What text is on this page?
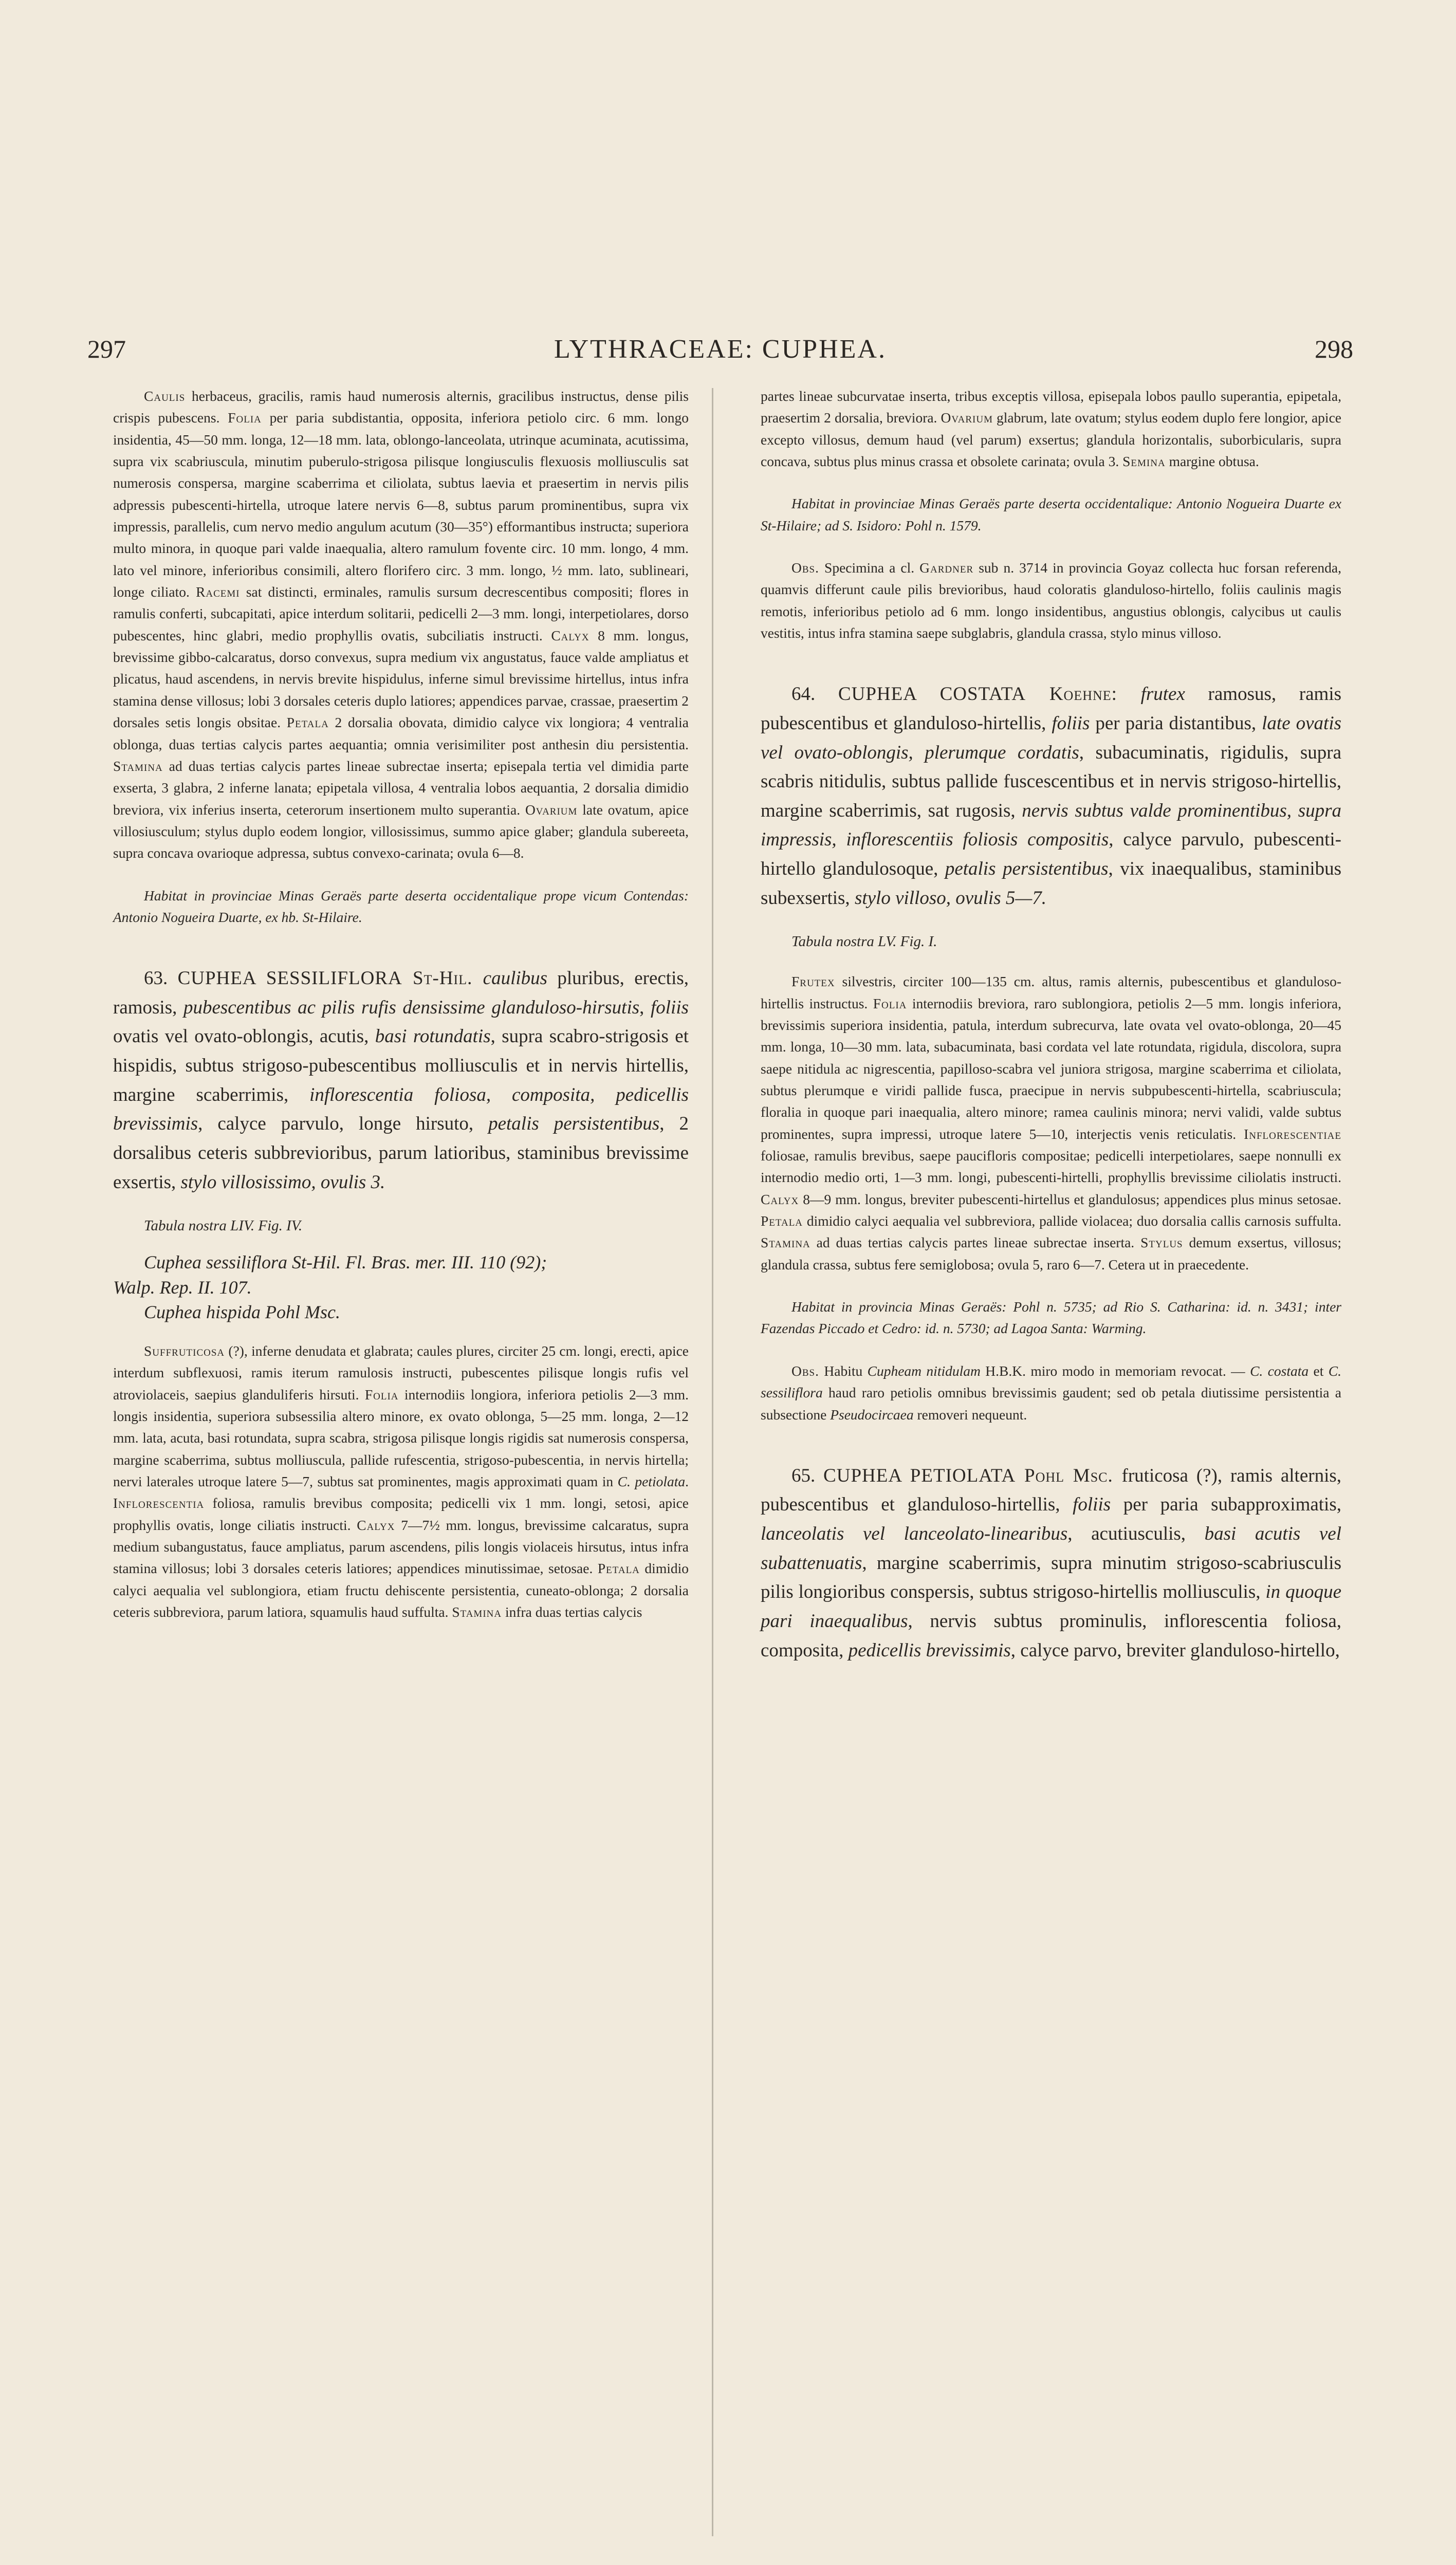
297	LYTHRACEAE: CUPHEA.	298

Caulis herbaceus, gracilis, ramis haud numerosis alternis, gracilibus instructus, dense pilis crispis pubescens. Folia per paria subdistantia, opposita, inferiora petiolo circ. 6 mm. longo insidentia, 45—50 mm. longa, 12—18 mm. lata, oblongo-lanceolata, utrinque acuminata, acutissima, supra vix scabriuscula, minutim puberulo-strigosa pilisque longiusculis flexuosis molliusculis sat numerosis conspersa, margine scaberrima et ciliolata, subtus laevia et praesertim in nervis pilis adpressis pubescenti-hirtella, utroque latere nervis 6—8, subtus parum prominentibus, supra vix impressis, parallelis, cum nervo medio angulum acutum (30—35°) efformantibus instructa; superiora multo minora, in quoque pari valde inaequalia, altero ramulum fovente circ. 10 mm. longo, 4 mm. lato vel minore, inferioribus consimili, altero florifero circ. 3 mm. longo, ½ mm. lato, sublineari, longe ciliato. Racemi sat distincti, erminales, ramulis sursum decrescentibus compositi; flores in ramulis conferti, subcapitati, apice interdum solitarii, pedicelli 2—3 mm. longi, interpetiolares, dorso pubescentes, hinc glabri, medio prophyllis ovatis, subciliatis instructi. Calyx 8 mm. longus, brevissime gibbo-calcaratus, dorso convexus, supra medium vix angustatus, fauce valde ampliatus et plicatus, haud ascendens, in nervis brevite hispidulus, inferne simul brevissime hirtellus, intus infra stamina dense villosus; lobi 3 dorsales ceteris duplo latiores; appendices parvae, crassae, praesertim 2 dorsales setis longis obsitae. Petala 2 dorsalia obovata, dimidio calyce vix longiora; 4 ventralia oblonga, duas tertias calycis partes aequantia; omnia verisimiliter post anthesin diu persistentia. Stamina ad duas tertias calycis partes lineae subrectae inserta; episepala tertia vel dimidia parte exserta, 3 glabra, 2 inferne lanata; epipetala villosa, 4 ventralia lobos aequantia, 2 dorsalia dimidio breviora, vix inferius inserta, ceterorum insertionem multo superantia. Ovarium late ovatum, apice villosiusculum; stylus duplo eodem longior, villosissimus, summo apice glaber; glandula subereeta, supra concava ovarioque adpressa, subtus convexo-carinata; ovula 6—8.

Habitat in provinciae Minas Geraës parte deserta occidentalique prope vicum Contendas: Antonio Nogueira Duarte, ex hb. St-Hilaire.

63. CUPHEA SESSILIFLORA St-Hil. caulibus pluribus, erectis, ramosis, pubescentibus ac pilis rufis densissime glanduloso-hirsutis, foliis ovatis vel ovato-oblongis, acutis, basi rotundatis, supra scabro-strigosis et hispidis, subtus strigoso-pubescentibus molliusculis et in nervis hirtellis, margine scaberrimis, inflorescentia foliosa, composita, pedicellis brevissimis, calyce parvulo, longe hirsuto, petalis persistentibus, 2 dorsalibus ceteris subbrevioribus, parum latioribus, staminibus brevissime exsertis, stylo villosissimo, ovulis 3.

Tabula nostra LIV. Fig. IV.

Cuphea sessiliflora St-Hil. Fl. Bras. mer. III. 110 (92);

Walp. Rep. II. 107.

Cuphea hispida Pohl Msc.

Suffruticosa (?), inferne denudata et glabrata; caules plures, circiter 25 cm. longi, erecti, apice interdum subflexuosi, ramis iterum ramulosis instructi, pubescentes pilisque longis rufis vel atroviolaceis, saepius glanduliferis hirsuti. Folia internodiis longiora, inferiora petiolis 2—3 mm. longis insidentia, superiora subsessilia altero minore, ex ovato oblonga, 5—25 mm. longa, 2—12 mm. lata, acuta, basi rotundata, supra scabra, strigosa pilisque longis rigidis sat numerosis conspersa, margine scaberrima, subtus molliuscula, pallide rufescentia, strigoso-pubescentia, in nervis hirtella; nervi laterales utroque latere 5—7, subtus sat prominentes, magis approximati quam in C. petiolata. Inflorescentia foliosa, ramulis brevibus composita; pedicelli vix 1 mm. longi, setosi, apice prophyllis ovatis, longe ciliatis instructi. Calyx 7—7½ mm. longus, brevissime calcaratus, supra medium subangustatus, fauce ampliatus, parum ascendens, pilis longis violaceis hirsutus, intus infra stamina villosus; lobi 3 dorsales ceteris latiores; appendices minutissimae, setosae. Petala dimidio calyci aequalia vel sublongiora, etiam fructu dehiscente persistentia, cuneato-oblonga; 2 dorsalia ceteris subbreviora, parum latiora, squamulis haud suffulta. Stamina infra duas tertias calycis

partes lineae subcurvatae inserta, tribus exceptis villosa, episepala lobos paullo superantia, epipetala, praesertim 2 dorsalia, breviora. Ovarium glabrum, late ovatum; stylus eodem duplo fere longior, apice excepto villosus, demum haud (vel parum) exsertus; glandula horizontalis, suborbicularis, supra concava, subtus plus minus crassa et obsolete carinata; ovula 3. Semina margine obtusa.

Habitat in provinciae Minas Geraës parte deserta occidentalique: Antonio Nogueira Duarte ex St-Hilaire; ad S. Isidoro: Pohl n. 1579.

Obs. Specimina a cl. Gardner sub n. 3714 in provincia Goyaz collecta huc forsan referenda, quamvis differunt caule pilis brevioribus, haud coloratis glanduloso-hirtello, foliis caulinis magis remotis, inferioribus petiolo ad 6 mm. longo insidentibus, angustius oblongis, calycibus ut caulis vestitis, intus infra stamina saepe subglabris, glandula crassa, stylo minus villoso.

64. CUPHEA COSTATA Koehne: frutex ramosus, ramis pubescentibus et glanduloso-hirtellis, foliis per paria distantibus, late ovatis vel ovato-oblongis, plerumque cordatis, subacuminatis, rigidulis, supra scabris nitidulis, subtus pallide fuscescentibus et in nervis strigoso-hirtellis, margine scaberrimis, sat rugosis, nervis subtus valde prominentibus, supra impressis, inflorescentiis foliosis compositis, calyce parvulo, pubescenti-hirtello glandulosoque, petalis persistentibus, vix inaequalibus, staminibus subexsertis, stylo villoso, ovulis 5—7.

Tabula nostra LV. Fig. I.

Frutex silvestris, circiter 100—135 cm. altus, ramis alternis, pubescentibus et glanduloso-hirtellis instructus. Folia internodiis breviora, raro sublongiora, petiolis 2—5 mm. longis inferiora, brevissimis superiora insidentia, patula, interdum subrecurva, late ovata vel ovato-oblonga, 20—45 mm. longa, 10—30 mm. lata, subacuminata, basi cordata vel late rotundata, rigidula, discolora, supra saepe nitidula ac nigrescentia, papilloso-scabra vel juniora strigosa, margine scaberrima et ciliolata, subtus plerumque e viridi pallide fusca, praecipue in nervis subpubescenti-hirtella, scabriuscula; floralia in quoque pari inaequalia, altero minore; ramea caulinis minora; nervi validi, valde subtus prominentes, supra impressi, utroque latere 5—10, interjectis venis reticulatis. Inflorescentiae foliosae, ramulis brevibus, saepe paucifloris compositae; pedicelli interpetiolares, saepe nonnulli ex internodio medio orti, 1—3 mm. longi, pubescenti-hirtelli, prophyllis brevissime ciliolatis instructi. Calyx 8—9 mm. longus, breviter pubescenti-hirtellus et glandulosus; appendices plus minus setosae. Petala dimidio calyci aequalia vel subbreviora, pallide violacea; duo dorsalia callis carnosis suffulta. Stamina ad duas tertias calycis partes lineae subrectae inserta. Stylus demum exsertus, villosus; glandula crassa, subtus fere semiglobosa; ovula 5, raro 6—7. Cetera ut in praecedente.

Habitat in provincia Minas Geraës: Pohl n. 5735; ad Rio S. Catharina: id. n. 3431; inter Fazendas Piccado et Cedro: id. n. 5730; ad Lagoa Santa: Warming.

Obs. Habitu Cupheam nitidulam H.B.K. miro modo in memoriam revocat. — C. costata et C. sessiliflora haud raro petiolis omnibus brevissimis gaudent; sed ob petala diutissime persistentia a subsectione Pseudocircaea removeri nequeunt.

65. CUPHEA PETIOLATA Pohl Msc. fruticosa (?), ramis alternis, pubescentibus et glanduloso-hirtellis, foliis per paria subapproximatis, lanceolatis vel lanceolato-linearibus, acutiusculis, basi acutis vel subattenuatis, margine scaberrimis, supra minutim strigoso-scabriusculis pilis longioribus conspersis, subtus strigoso-hirtellis molliusculis, in quoque pari inaequalibus, nervis subtus prominulis, inflorescentia foliosa, composita, pedicellis brevissimis, calyce parvo, breviter glanduloso-hirtello,
